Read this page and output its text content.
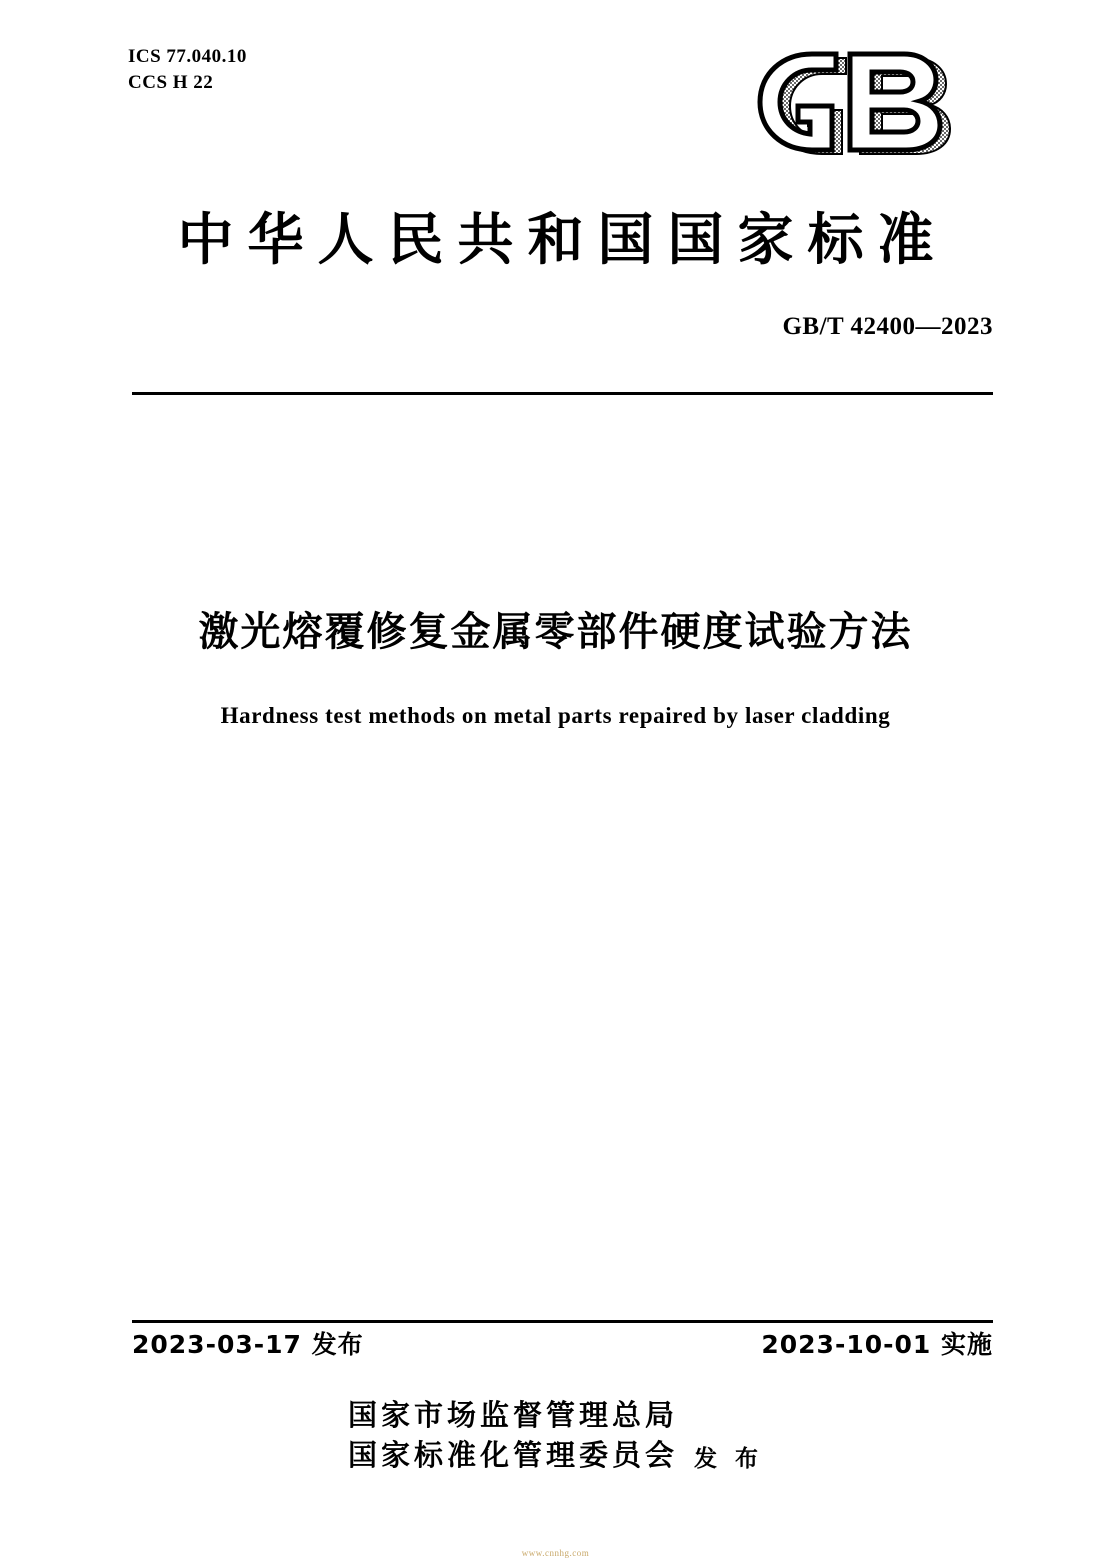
ICS 77.040.10
CCS H 22
中华人民共和国国家标准
GB/T 42400—2023
激光熔覆修复金属零部件硬度试验方法
Hardness test methods on metal parts repaired by laser cladding
2023-03-17 发布	2023-10-01 实施
国家市场监督管理总局
国家标准化管理委员会 发 布
www.cnnhg.com
